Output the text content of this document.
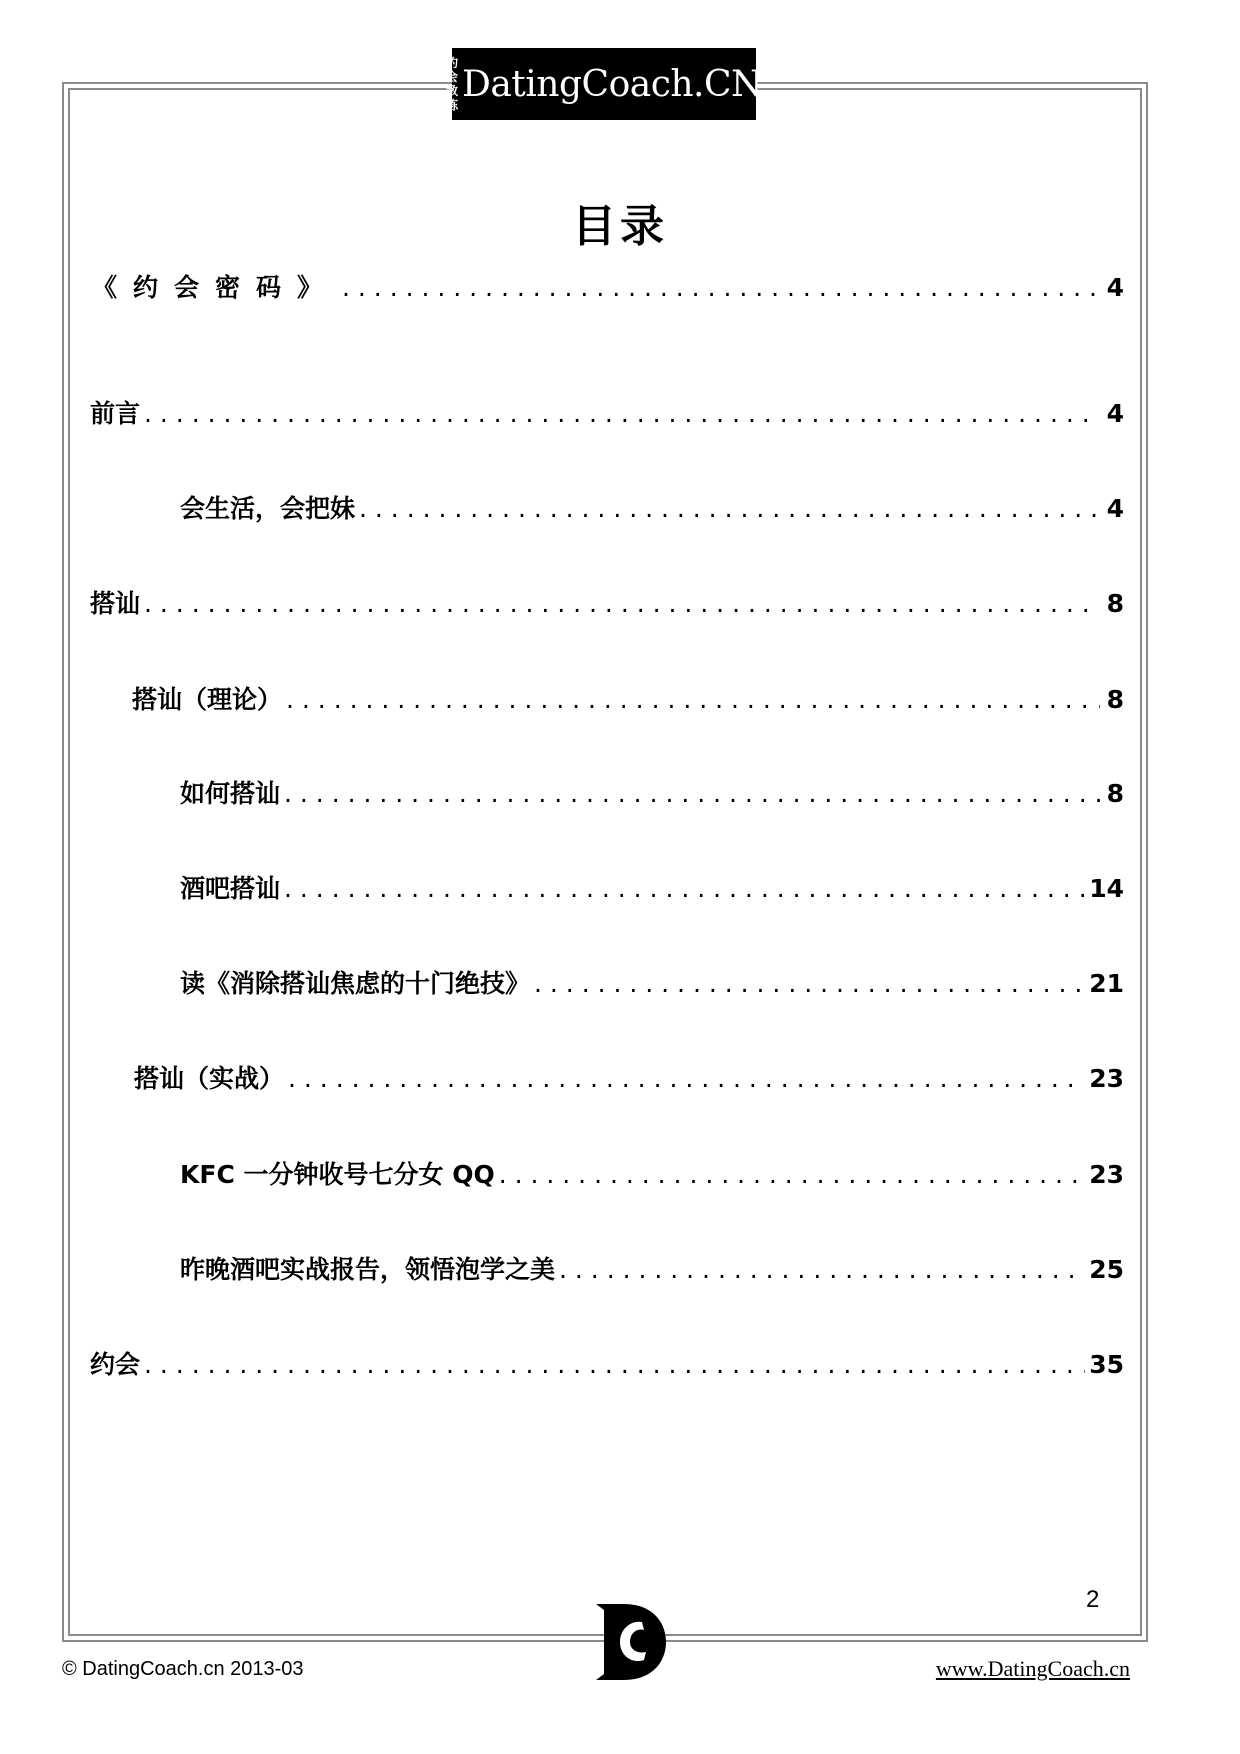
约会
教练
DatingCoach.CN
目录
《约会密码》 . . .	4
前言 . . .	4
会生活，会把妹 . . .	4
搭讪 . . .	8
搭讪（理论） . . .	8
如何搭讪 . . .	8
酒吧搭讪 . . .	14
读《消除搭讪焦虑的十门绝技》 . . .	21
搭讪（实战） . . .	23
KFC 一分钟收号七分女 QQ . . .	23
昨晚酒吧实战报告，领悟泡学之美 . . .	25
约会 . . .	35
2
DC
© DatingCoach.cn 2013-03	www.DatingCoach.cn
